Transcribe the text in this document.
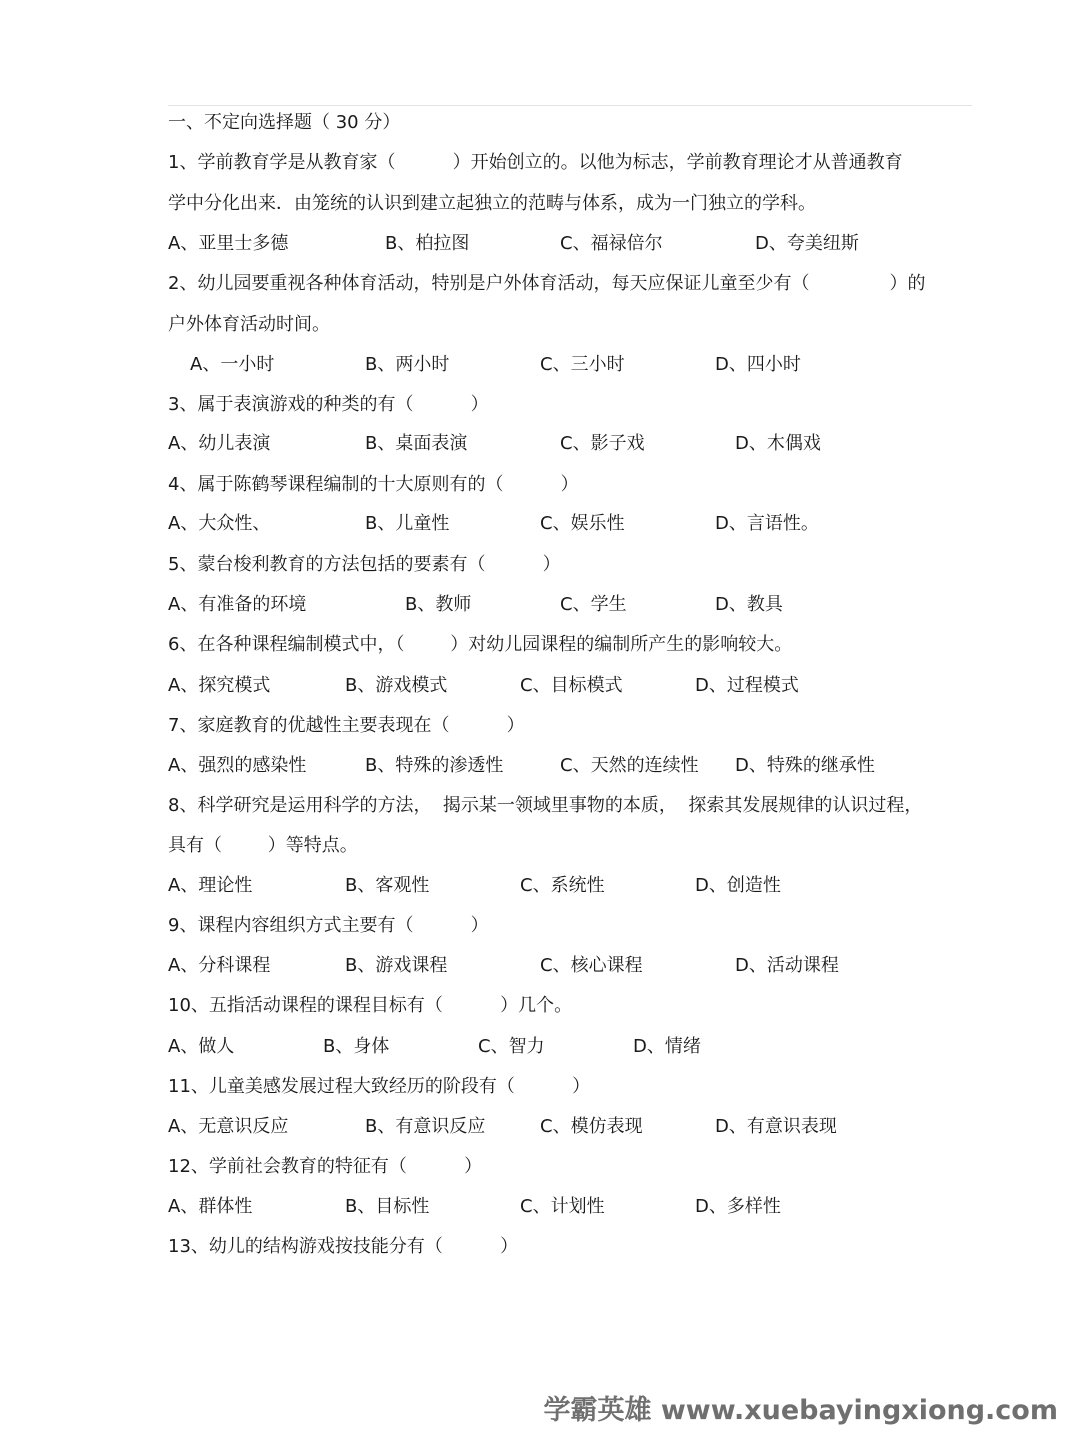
一、不定向选择题（ 30 分）
1、学前教育学是从教育家（          ）开始创立的。以他为标志，学前教育理论才从普通教育
学中分化出来．由笼统的认识到建立起独立的范畴与体系，成为一门独立的学科。
A、亚里士多德	B、柏拉图	C、福禄倍尔	D、夸美纽斯
2、幼儿园要重视各种体育活动，特别是户外体育活动，每天应保证儿童至少有（              ）的
户外体育活动时间。
A、一小时	B、两小时	C、三小时	D、四小时
3、属于表演游戏的种类的有（          ）
A、幼儿表演	B、桌面表演	C、影子戏	D、木偶戏
4、属于陈鹤琴课程编制的十大原则有的（          ）
A、大众性、	B、儿童性	C、娱乐性	D、言语性。
5、蒙台梭利教育的方法包括的要素有（          ）
A、有准备的环境	B、教师	C、学生	D、教具
6、在各种课程编制模式中，（        ）对幼儿园课程的编制所产生的影响较大。
A、探究模式	B、游戏模式	C、目标模式	D、过程模式
7、家庭教育的优越性主要表现在（          ）
A、强烈的感染性	B、特殊的渗透性	C、天然的连续性 D、特殊的继承性
8、科学研究是运用科学的方法，  揭示某一领域里事物的本质，  探索其发展规律的认识过程，
具有（        ）等特点。
A、理论性	B、客观性	C、系统性	D、创造性
9、课程内容组织方式主要有（          ）
A、分科课程	B、游戏课程	C、核心课程	D、活动课程
10、五指活动课程的课程目标有（          ）几个。
A、做人	B、身体	C、智力	D、情绪
11、儿童美感发展过程大致经历的阶段有（          ）
A、无意识反应	B、有意识反应	C、模仿表现	D、有意识表现
12、学前社会教育的特征有（          ）
A、群体性	B、目标性	C、计划性	D、多样性
13、幼儿的结构游戏按技能分有（          ）
学霸英雄 www.xuebayingxiong.com
